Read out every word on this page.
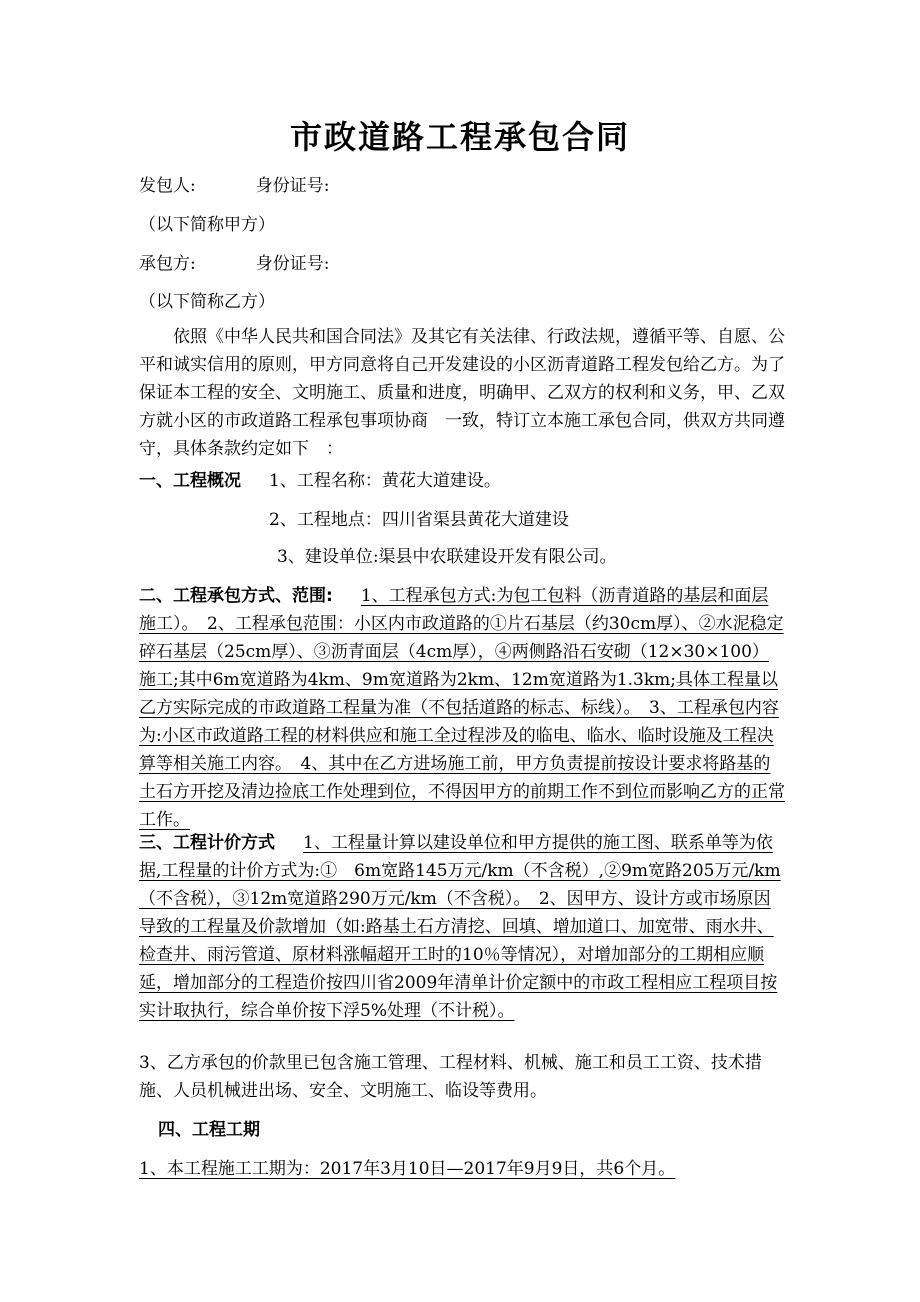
市政道路工程承包合同
发包人:	身份证号:
（以下简称甲方）
承包方:	身份证号:
（以下简称乙方）

依照《中华人民共和国合同法》及其它有关法律、行政法规，遵循平等、自愿、公平和诚实信用的原则，甲方同意将自己开发建设的小区沥青道路工程发包给乙方。为了保证本工程的安全、文明施工、质量和进度，明确甲、乙双方的权利和义务，甲、乙双方就小区的市政道路工程承包事项协商　一致，特订立本施工承包合同，供双方共同遵守，具体条款约定如下　：

一、工程概况 1、工程名称：黄花大道建设。
2、工程地点：四川省渠县黄花大道建设
3、建设单位:渠县中农联建设开发有限公司。

二、工程承包方式、范围: 1、工程承包方式:为包工包料（沥青道路的基层和面层施工）。　2、工程承包范围：小区内市政道路的①片石基层（约30cm厚）、②水泥稳定碎石基层（25cm厚）、③沥青面层（4cm厚），④两侧路沿石安砌（12×30×100）施工;其中6m宽道路为4km、9m宽道路为2km、12m宽道路为1.3km;具体工程量以乙方实际完成的市政道路工程量为准（不包括道路的标志、标线）。　3、工程承包内容为:小区市政道路工程的材料供应和施工全过程涉及的临电、临水、临时设施及工程决算等相关施工内容。　4、其中在乙方进场施工前，甲方负责提前按设计要求将路基的土石方开挖及清边捡底工作处理到位，不得因甲方的前期工作不到位而影响乙方的正常工作。

三、工程计价方式 1、工程量计算以建设单位和甲方提供的施工图、联系单等为依据,工程量的计价方式为:①　6m宽路145万元/km（不含税）,②9m宽路205万元/km（不含税），③12m宽道路290万元/km（不含税）。　2、因甲方、设计方或市场原因导致的工程量及价款增加（如:路基土石方清挖、回填、增加道口、加宽带、雨水井、检查井、雨污管道、原材料涨幅超开工时的10％等情况），对增加部分的工期相应顺延，增加部分的工程造价按四川省2009年清单计价定额中的市政工程相应工程项目按实计取执行，综合单价按下浮5%处理（不计税）。

3、乙方承包的价款里已包含施工管理、工程材料、机械、施工和员工工资、技术措施、人员机械进出场、安全、文明施工、临设等费用。

四、工程工期
1、本工程施工工期为：2017年3月10日—2017年9月9日，共6个月。
